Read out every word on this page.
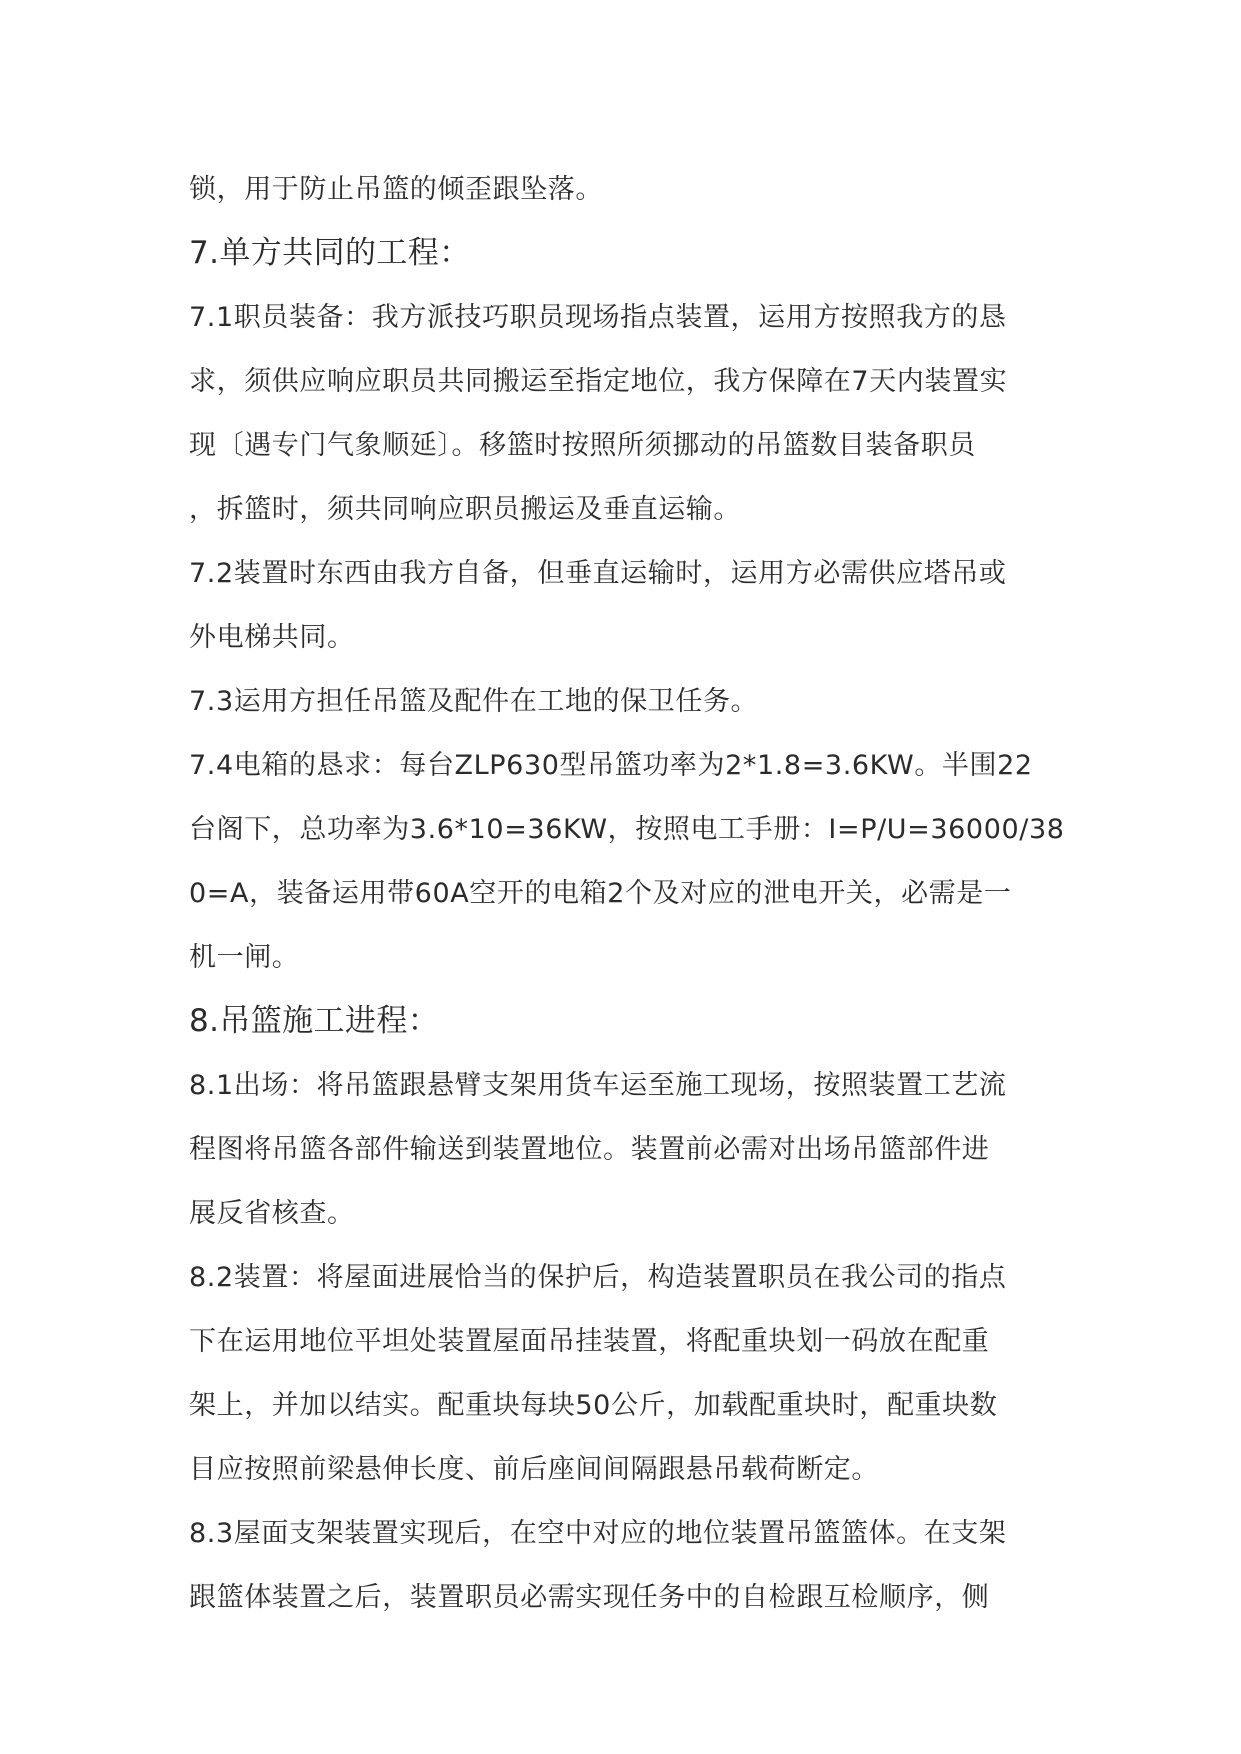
锁，用于防止吊篮的倾歪跟坠落。
7.单方共同的工程：
7.1职员装备：我方派技巧职员现场指点装置，运用方按照我方的恳
求，须供应响应职员共同搬运至指定地位，我方保障在7天内装置实
现〔遇专门气象顺延〕。移篮时按照所须挪动的吊篮数目装备职员
，拆篮时，须共同响应职员搬运及垂直运输。
7.2装置时东西由我方自备，但垂直运输时，运用方必需供应塔吊或
外电梯共同。
7.3运用方担任吊篮及配件在工地的保卫任务。
7.4电箱的恳求：每台ZLP630型吊篮功率为2*1.8=3.6KW。半围22
台阁下，总功率为3.6*10=36KW，按照电工手册：I=P/U=36000/38
0=A，装备运用带60A空开的电箱2个及对应的泄电开关，必需是一
机一闸。
8.吊篮施工进程：
8.1出场：将吊篮跟悬臂支架用货车运至施工现场，按照装置工艺流
程图将吊篮各部件输送到装置地位。装置前必需对出场吊篮部件进
展反省核查。
8.2装置：将屋面进展恰当的保护后，构造装置职员在我公司的指点
下在运用地位平坦处装置屋面吊挂装置，将配重块划一码放在配重
架上，并加以结实。配重块每块50公斤，加载配重块时，配重块数
目应按照前梁悬伸长度、前后座间间隔跟悬吊载荷断定。
8.3屋面支架装置实现后，在空中对应的地位装置吊篮篮体。在支架
跟篮体装置之后，装置职员必需实现任务中的自检跟互检顺序，侧
